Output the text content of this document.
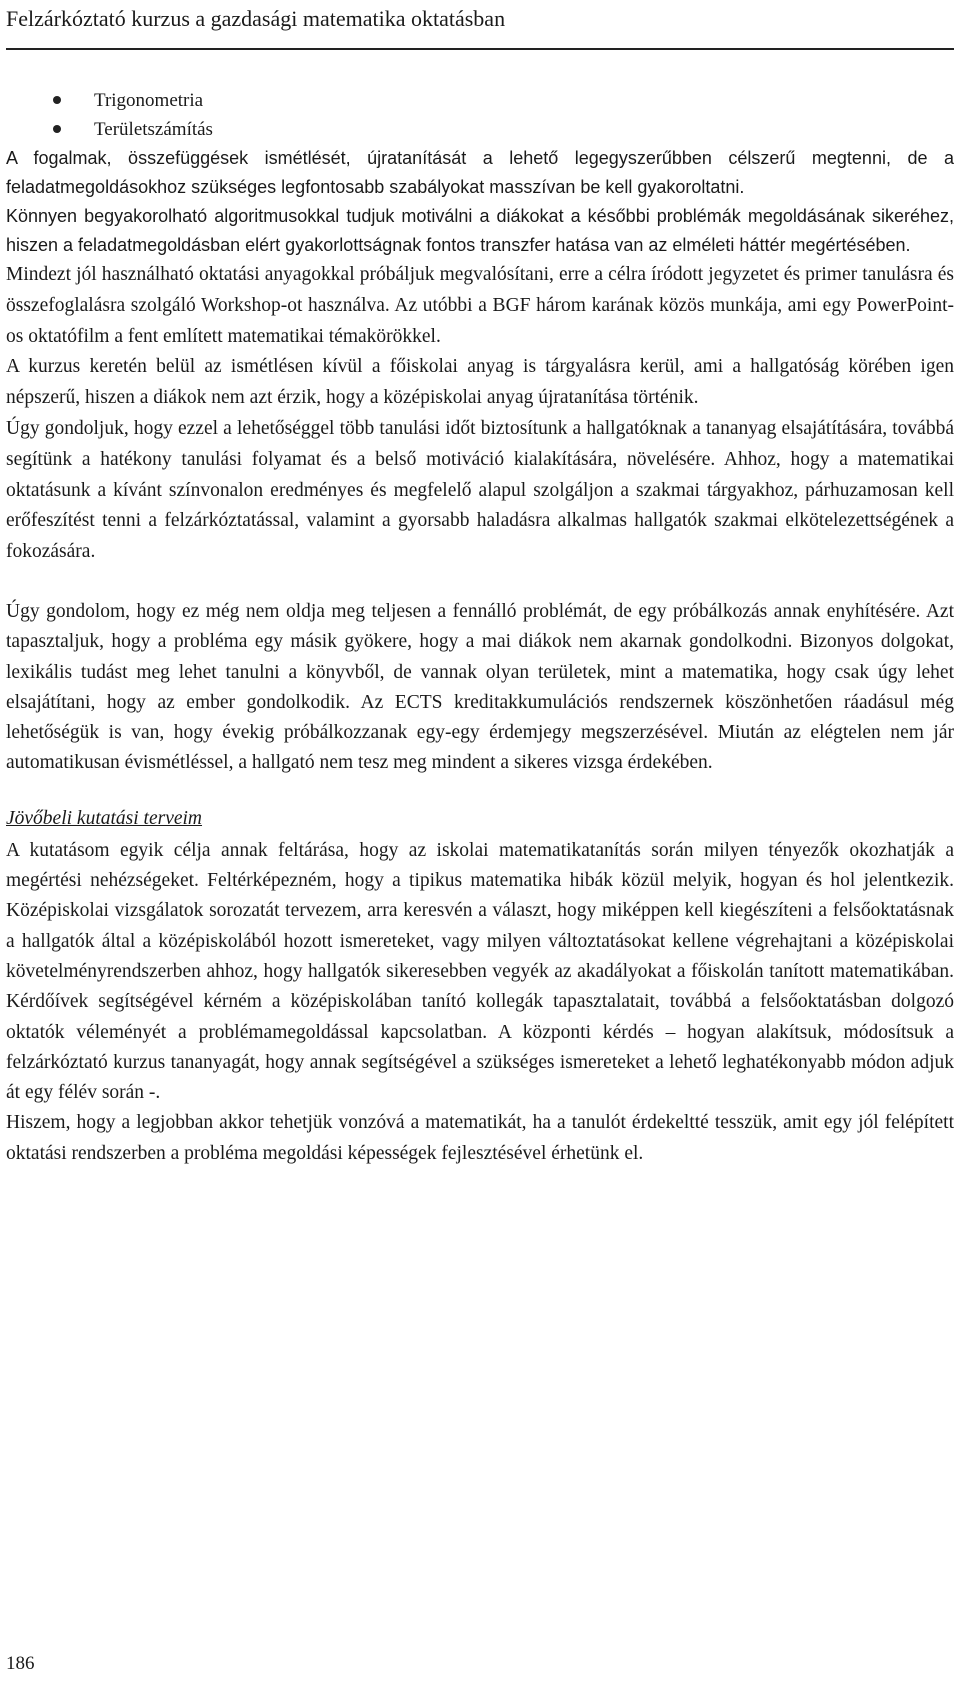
Felzárkóztató kurzus a gazdasági matematika oktatásban
Trigonometria
Területszámítás

A fogalmak, összefüggések ismétlését, újratanítását a lehető legegyszerűbben célszerű megtenni, de a feladatmegoldásokhoz szükséges legfontosabb szabályokat masszívan be kell gyakoroltatni.

Könnyen begyakorolható algoritmusokkal tudjuk motiválni a diákokat a későbbi problémák megoldásának sikeréhez, hiszen a feladatmegoldásban elért gyakorlottságnak fontos transzfer hatása van az elméleti háttér megértésében.

Mindezt jól használható oktatási anyagokkal próbáljuk megvalósítani, erre a célra íródott jegyzetet és primer tanulásra és összefoglalásra szolgáló Workshop-ot használva. Az utóbbi a BGF három karának közös munkája, ami egy PowerPoint-os oktatófilm a fent említett matematikai témakörökkel.

A kurzus keretén belül az ismétlésen kívül a főiskolai anyag is tárgyalásra kerül, ami a hallgatóság körében igen népszerű, hiszen a diákok nem azt érzik, hogy a középiskolai anyag újratanítása történik.

Úgy gondoljuk, hogy ezzel a lehetőséggel több tanulási időt biztosítunk a hallgatóknak a tananyag elsajátítására, továbbá segítünk a hatékony tanulási folyamat és a belső motiváció kialakítására, növelésére. Ahhoz, hogy a matematikai oktatásunk a kívánt színvonalon eredményes és megfelelő alapul szolgáljon a szakmai tárgyakhoz, párhuzamosan kell erőfeszítést tenni a felzárkóztatással, valamint a gyorsabb haladásra alkalmas hallgatók szakmai elkötelezettségének a fokozására.

Úgy gondolom, hogy ez még nem oldja meg teljesen a fennálló problémát, de egy próbálkozás annak enyhítésére. Azt tapasztaljuk, hogy a probléma egy másik gyökere, hogy a mai diákok nem akarnak gondolkodni. Bizonyos dolgokat, lexikális tudást meg lehet tanulni a könyvből, de vannak olyan területek, mint a matematika, hogy csak úgy lehet elsajátítani, hogy az ember gondolkodik. Az ECTS kreditakkumulációs rendszernek köszönhetően ráadásul még lehetőségük is van, hogy évekig próbálkozzanak egy-egy érdemjegy megszerzésével. Miután az elégtelen nem jár automatikusan évismétléssel, a hallgató nem tesz meg mindent a sikeres vizsga érdekében.

Jövőbeli kutatási terveim

A kutatásom egyik célja annak feltárása, hogy az iskolai matematikatanítás során milyen tényezők okozhatják a megértési nehézségeket. Feltérképezném, hogy a tipikus matematika hibák közül melyik, hogyan és hol jelentkezik. Középiskolai vizsgálatok sorozatát tervezem, arra keresvén a választ, hogy miképpen kell kiegészíteni a felsőoktatásnak a hallgatók által a középiskolából hozott ismereteket, vagy milyen változtatásokat kellene végrehajtani a középiskolai követelményrendszerben ahhoz, hogy hallgatók sikeresebben vegyék az akadályokat a főiskolán tanított matematikában. Kérdőívek segítségével kérném a középiskolában tanító kollegák tapasztalatait, továbbá a felsőoktatásban dolgozó oktatók véleményét a problémamegoldással kapcsolatban. A központi kérdés – hogyan alakítsuk, módosítsuk a felzárkóztató kurzus tananyagát, hogy annak segítségével a szükséges ismereteket a lehető leghatékonyabb módon adjuk át egy félév során -.

Hiszem, hogy a legjobban akkor tehetjük vonzóvá a matematikát, ha a tanulót érdekeltté tesszük, amit egy jól felépített oktatási rendszerben a probléma megoldási képességek fejlesztésével érhetünk el.

186
